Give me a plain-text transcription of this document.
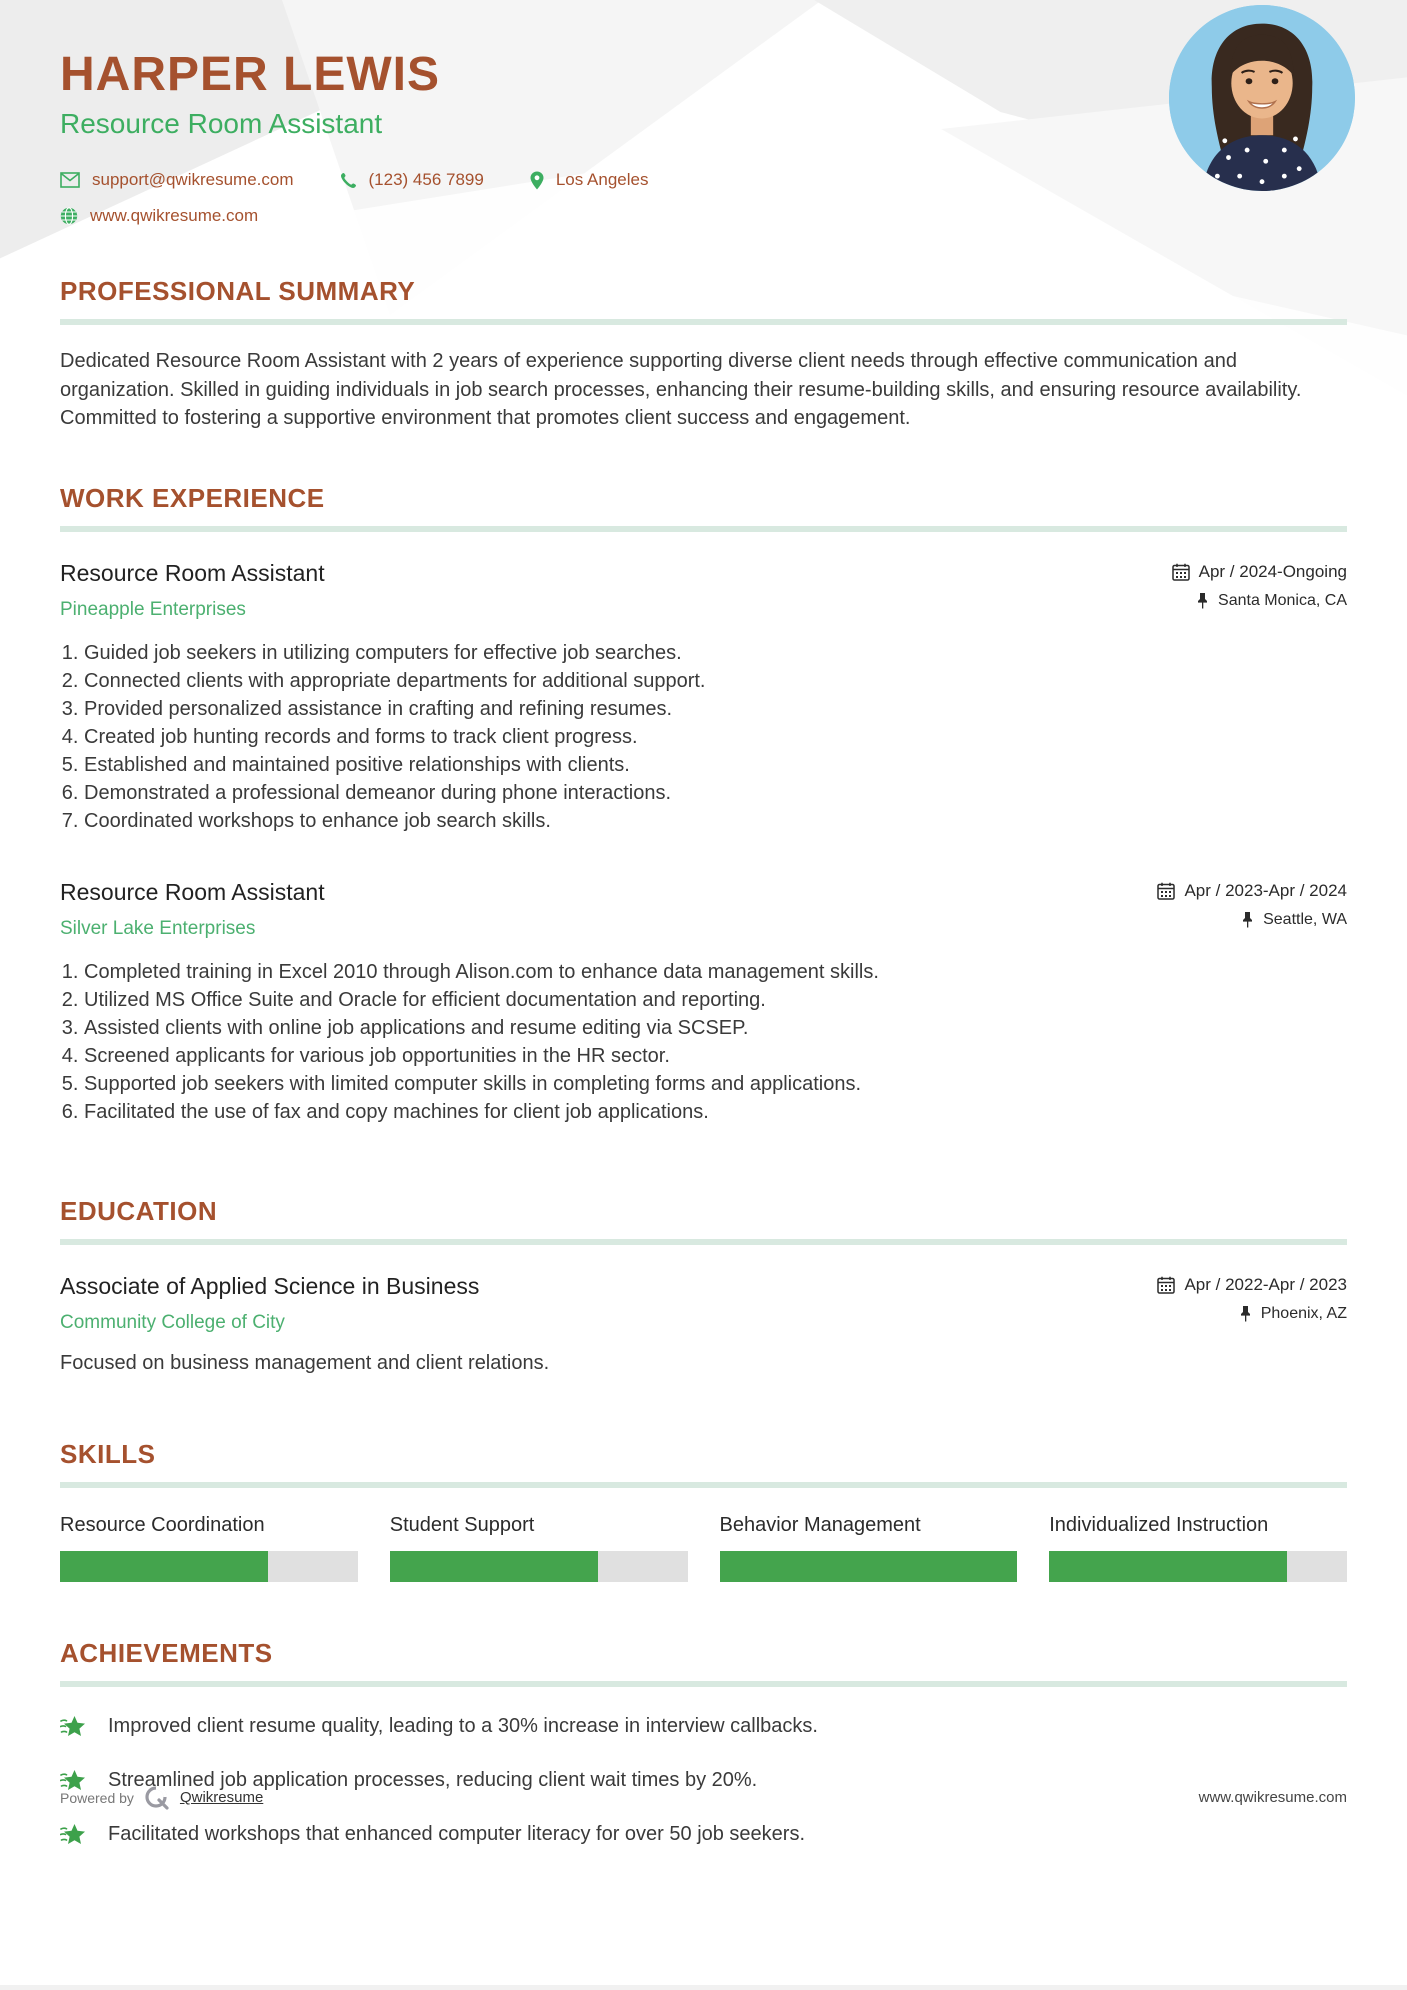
HARPER LEWIS
Resource Room Assistant
support@qwikresume.com	(123) 456 7899	Los Angeles
www.qwikresume.com
PROFESSIONAL SUMMARY

Dedicated Resource Room Assistant with 2 years of experience supporting diverse client needs through effective communication and organization. Skilled in guiding individuals in job search processes, enhancing their resume-building skills, and ensuring resource availability. Committed to fostering a supportive environment that promotes client success and engagement.

WORK EXPERIENCE
Resource Room Assistant
Pineapple Enterprises
Apr / 2024-Ongoing
Santa Monica, CA
1. Guided job seekers in utilizing computers for effective job searches.
2. Connected clients with appropriate departments for additional support.
3. Provided personalized assistance in crafting and refining resumes.
4. Created job hunting records and forms to track client progress.
5. Established and maintained positive relationships with clients.
6. Demonstrated a professional demeanor during phone interactions.
7. Coordinated workshops to enhance job search skills.
Resource Room Assistant
Silver Lake Enterprises
Apr / 2023-Apr / 2024
Seattle, WA
1. Completed training in Excel 2010 through Alison.com to enhance data management skills.
2. Utilized MS Office Suite and Oracle for efficient documentation and reporting.
3. Assisted clients with online job applications and resume editing via SCSEP.
4. Screened applicants for various job opportunities in the HR sector.
5. Supported job seekers with limited computer skills in completing forms and applications.
6. Facilitated the use of fax and copy machines for client job applications.
EDUCATION
Associate of Applied Science in Business
Community College of City
Apr / 2022-Apr / 2023
Phoenix, AZ
Focused on business management and client relations.
SKILLS
Resource Coordination	Student Support	Behavior Management	Individualized Instruction
ACHIEVEMENTS
Improved client resume quality, leading to a 30% increase in interview callbacks.
Streamlined job application processes, reducing client wait times by 20%.
Facilitated workshops that enhanced computer literacy for over 50 job seekers.
Powered by	Qwikresume	www.qwikresume.com
